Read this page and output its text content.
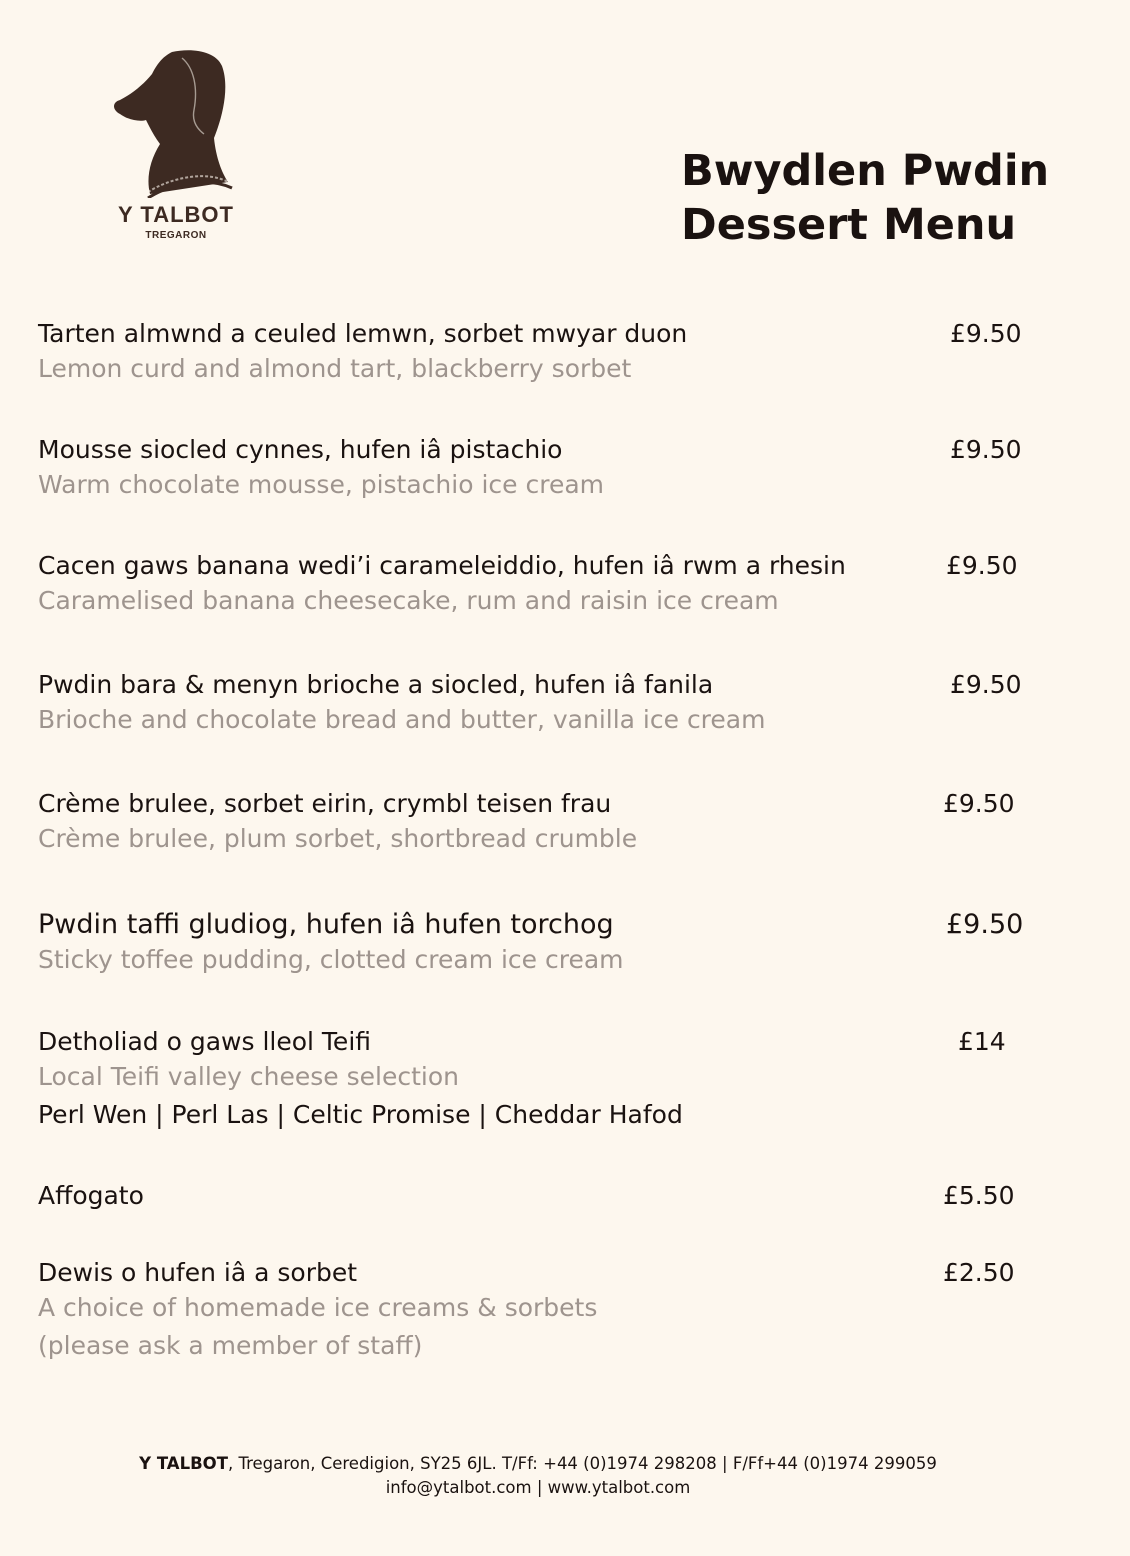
Y TALBOT
TREGARON
Bwydlen Pwdin
Dessert Menu
Tarten almwnd a ceuled lemwn, sorbet mwyar duon
Lemon curd and almond tart, blackberry sorbet
£9.50
Mousse siocled cynnes, hufen iâ pistachio
Warm chocolate mousse, pistachio ice cream
£9.50
Cacen gaws banana wedi’i carameleiddio, hufen iâ rwm a rhesin
Caramelised banana cheesecake, rum and raisin ice cream
£9.50
Pwdin bara & menyn brioche a siocled, hufen iâ fanila
Brioche and chocolate bread and butter, vanilla ice cream
£9.50
Crème brulee, sorbet eirin, crymbl teisen frau
Crème brulee, plum sorbet, shortbread crumble
£9.50
Pwdin taffi gludiog, hufen iâ hufen torchog
Sticky toffee pudding, clotted cream ice cream
£9.50
Detholiad o gaws lleol Teifi
Local Teifi valley cheese selection
Perl Wen | Perl Las | Celtic Promise | Cheddar Hafod
£14
Affogato	£5.50
Dewis o hufen iâ a sorbet
A choice of homemade ice creams & sorbets
(please ask a member of staff)
£2.50
Y TALBOT, Tregaron, Ceredigion, SY25 6JL. T/Ff: +44 (0)1974 298208 | F/Ff+44 (0)1974 299059
info@ytalbot.com | www.ytalbot.com
